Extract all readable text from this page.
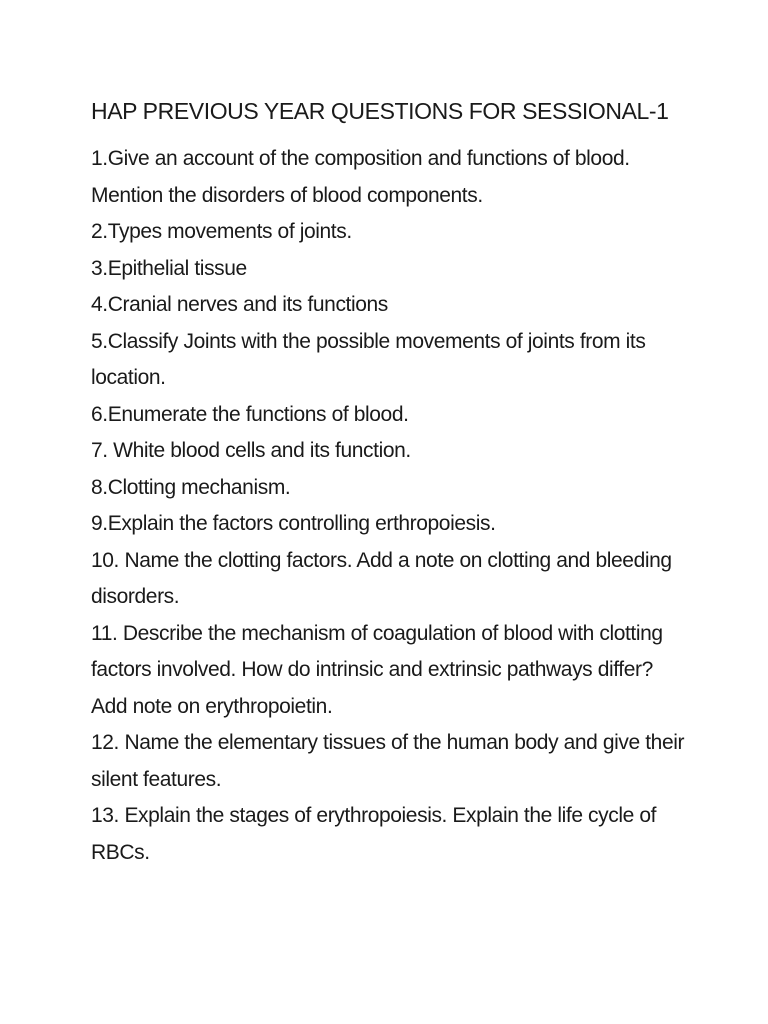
HAP PREVIOUS YEAR QUESTIONS FOR SESSIONAL-1
1.Give an account of the composition and functions of blood. Mention the disorders of blood components.
2.Types movements of joints.
3.Epithelial tissue
4.Cranial nerves and its functions
5.Classify Joints with the possible movements of joints from its location.
6.Enumerate the functions of blood.
7. White blood cells and its function.
8.Clotting mechanism.
9.Explain the factors controlling erthropoiesis.
10. Name the clotting factors. Add a note on clotting and bleeding disorders.
11. Describe the mechanism of coagulation of blood with clotting factors involved. How do intrinsic and extrinsic pathways differ? Add note on erythropoietin.
12. Name the elementary tissues of the human body and give their silent features.
13. Explain the stages of erythropoiesis. Explain the life cycle of RBCs.
